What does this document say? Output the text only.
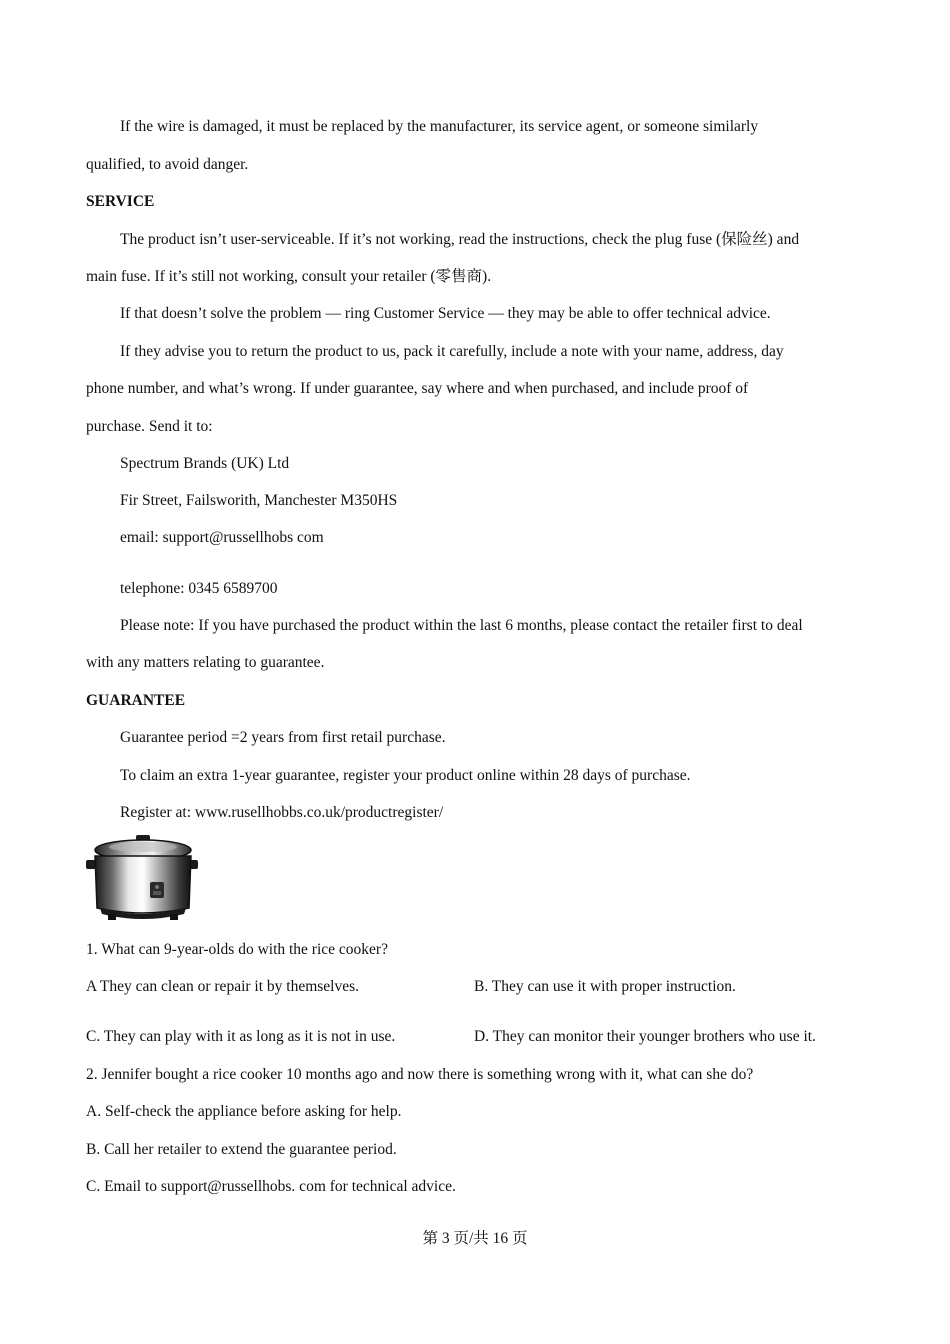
If the wire is damaged, it must be replaced by the manufacturer, its service agent, or someone similarly
qualified, to avoid danger.
SERVICE
The product isn’t user-serviceable. If it’s not working, read the instructions, check the plug fuse (保险丝) and
main fuse. If it’s still not working, consult your retailer (零售商).
If that doesn’t solve the problem — ring Customer Service — they may be able to offer technical advice.
If they advise you to return the product to us, pack it carefully, include a note with your name, address, day
phone number, and what’s wrong. If under guarantee, say where and when purchased, and include proof of
purchase. Send it to:
Spectrum Brands (UK) Ltd
Fir Street, Failsworith, Manchester M350HS
email: support@russellhobs com
telephone: 0345 6589700
Please note: If you have purchased the product within the last 6 months, please contact the retailer first to deal
with any matters relating to guarantee.
GUARANTEE
Guarantee period =2 years from first retail purchase.
To claim an extra 1-year guarantee, register your product online within 28 days of purchase.
Register at: www.rusellhobbs.co.uk/productregister/
1. What can 9-year-olds do with the rice cooker?
A They can clean or repair it by themselves.	B. They can use it with proper instruction.
C. They can play with it as long as it is not in use.	D. They can monitor their younger brothers who use it.
2. Jennifer bought a rice cooker 10 months ago and now there is something wrong with it, what can she do?
A. Self-check the appliance before asking for help.
B. Call her retailer to extend the guarantee period.
C. Email to support@russellhobs. com for technical advice.
第 3 页/共 16 页
